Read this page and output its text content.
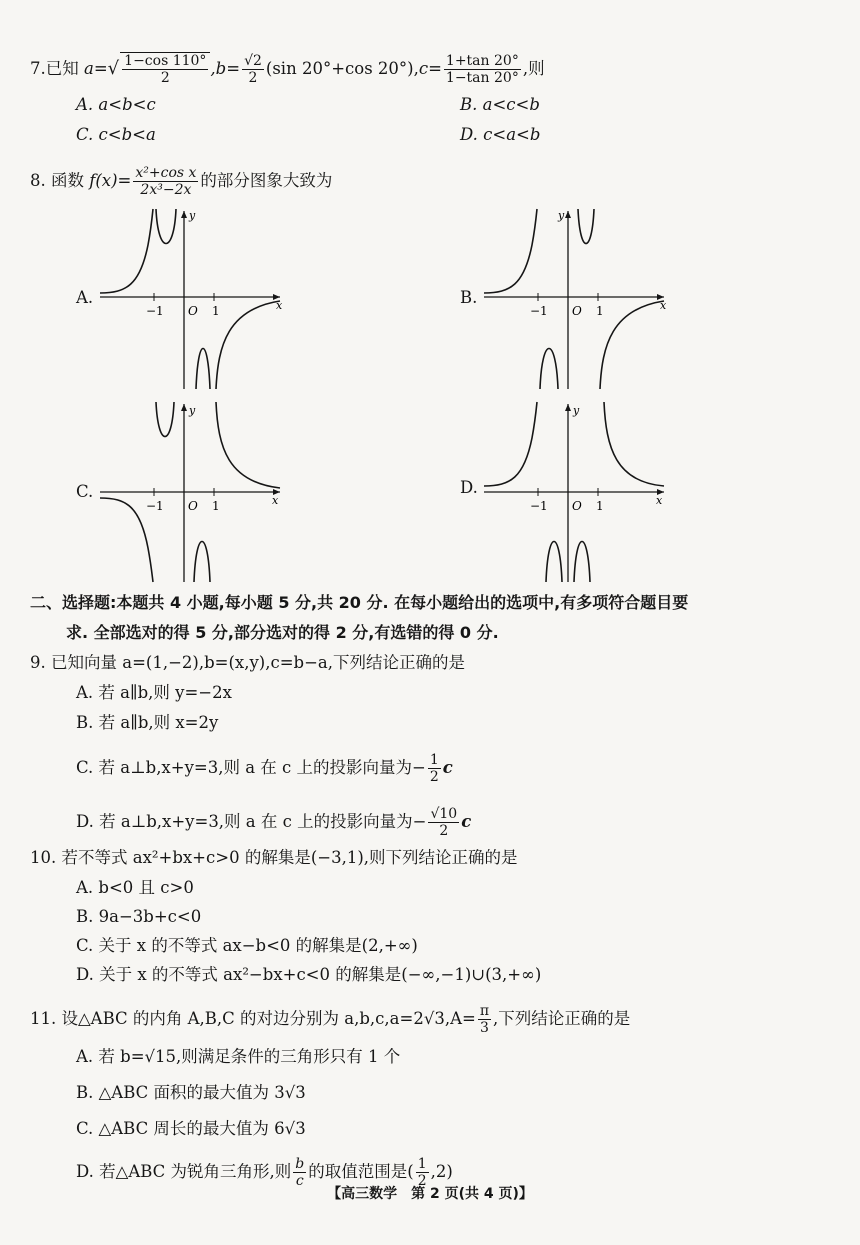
7.已知 $a=√ \frac{1-\cos 110^\circ}{2} ,b= \frac{√2}{2} (\sin$ 20°+cos $20^\circ),c= \frac{1+\tan 20^\circ}{1-\tan 20^\circ}$ ,则
A. a<b<c	B. a<c<b
C. c<b<a	D. c<a<b
8. 函数 $f(x)= \frac{\text{x²+cos x}}{\text{2x³−2x}}$ 的部分图象大致为
A.
−1 O 1	x
y
B.
−1 O 1	x
y
C.
−1 O 1	x
y
D.
−1 O 1	x
y
二、选择题:本题共 4 小题,每小题 5 分,共 20 分. 在每小题给出的选项中,有多项符合题目要
求. 全部选对的得 5 分,部分选对的得 2 分,有选错的得 0 分.
9. 已知向量 a=(1,−2),b=(x,y),c=b−a,下列结论正确的是
A. 若 a∥b,则 y=−2x
B. 若 a∥b,则 x=2y
C. 若 a⊥b,x+y=3,则 a 在 c 上的投影向量为− $\frac{1}{2}$ c
D. 若 a⊥b,x+y=3,则 a 在 c 上的投影向量为− $\frac{√10}{2}$ c
10. 若不等式 ax²+bx+c>0 的解集是(−3,1),则下列结论正确的是
A. b<0 且 c>0
B. 9a−3b+c<0
C. 关于 x 的不等式 ax−b<0 的解集是(2,+∞)
D. 关于 x 的不等式 ax²−bx+c<0 的解集是(−∞,−1)∪(3,+∞)
11. 设△ABC 的内角 A,B,C 的对边分别为 $a,b,c,a=2√3,A= \frac{\pi}{3}$ ,下列结论正确的是
A. 若 b=√15,则满足条件的三角形只有 1 个
B. △ABC 面积的最大值为 3√3
C. △ABC 周长的最大值为 6√3
D. 若△ABC 为锐角三角形,则 $\frac{b}{c}$ 的取值范围是( $\frac{1}{2} ,2$)
【高三数学　第 2 页(共 4 页)】
